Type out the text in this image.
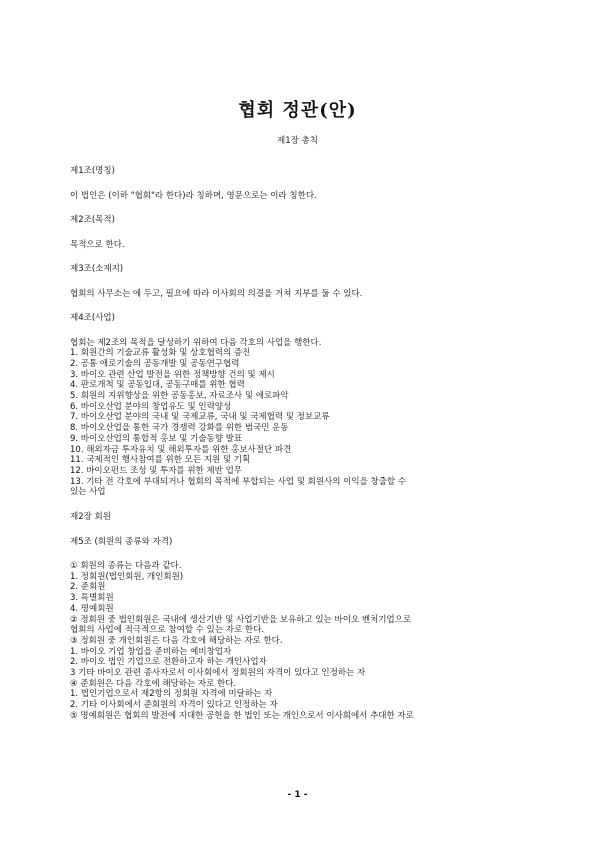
협회 정관(안)

제1장 총칙

제1조(명칭)

이 법인은 (이하 "협회"라 한다)라 칭하며, 영문으로는 이라 칭한다.

제2조(목적)

목적으로 한다.

제3조(소재지)

협회의 사무소는 에 두고, 필요에 따라 이사회의 의결을 거쳐 지부를 둘 수 있다.

제4조(사업)

협회는 제2조의 목적을 달성하기 위하여 다음 각호의 사업을 행한다.

1. 회원간의 기술교류 활성화 및 상호협력의 증진

2. 공통 애로기술의 공동개발 및 공동연구협력

3. 바이오 관련 산업 발전을 위한 정책방향 건의 및 제시

4. 판로개척 및 공동입대, 공동구매를 위한 협력

5. 회원의 지위향상을 위한 공동홍보, 자료조사 및 애로파악

6. 바이오산업 분야의 창업유도 및 인력양성

7. 바이오산업 분야의 국내 및 국제교류, 국내 및 국제협력 및 정보교류

8. 바이오산업을 통한 국가 경쟁력 강화를 위한 범국민 운동

9. 바이오산업의 통합적 홍보 및 기술동향 발표

10. 해외자금 투자유치 및 해외투자를 위한 홍보사절단 파견

11. 국제적인 행사참여를 위한 모든 지원 및 기획

12. 바이오펀드 조성 및 투자를 위한 제반 업무

13. 기타 전 각호에 부대되거나 협회의 목적에 부합되는 사업 및 회원사의 이익을 창출할 수

있는 사업

제2장 회원

제5조 (회원의 종류와 자격)

① 회원의 종류는 다음과 같다.

1. 정회원(법인회원, 개인회원)

2. 준회원

3. 특별회원

4. 명예회원

② 정회원 중 법인회원은 국내에 생산기반 및 사업기반을 보유하고 있는 바이오 벤처기업으로

협회의 사업에 적극적으로 참여할 수 있는 자로 한다.

③ 정회원 중 개인회원은 다음 각호에 해당하는 자로 한다.

1. 바이오 기업 창업을 준비하는 예비창업자

2. 바이오 법인 기업으로 전환하고자 하는 개인사업자

3 기타 바이오 관련 종사자로서 이사회에서 정회원의 자격이 있다고 인정하는 자

④ 준회원은 다음 각호에 해당하는 자로 한다.

1. 법인기업으로서 제2항의 정회원 자격에 미달하는 자

2. 기타 이사회에서 준회원의 자격이 있다고 인정하는 자

⑤ 명예회원은 협회의 발전에 지대한 공헌을 한 법인 또는 개인으로서 이사회에서 추대한 자로

- 1 -
